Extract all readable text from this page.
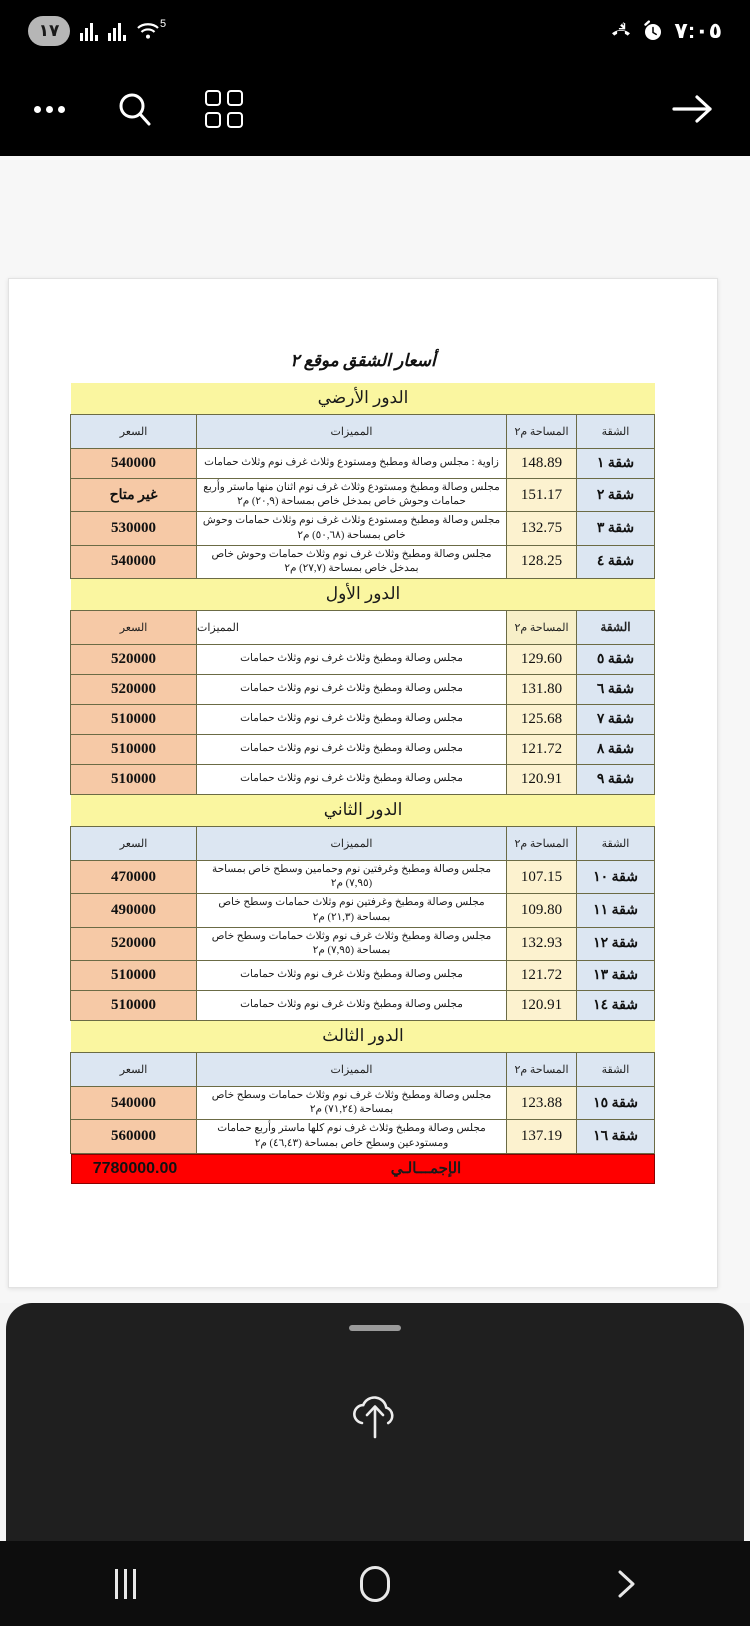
١٧	5	٧:٠٥
أسعار الشقق موقع ٢
الدور الأرضي
الشقة	المساحة م٢	المميزات	السعر
شقة ١	148.89	زاوية : مجلس وصالة ومطبخ ومستودع وثلاث غرف نوم وثلاث حمامات	540000
شقة ٢	151.17	مجلس وصالة ومطبخ ومستودع وثلاث غرف نوم اثنان منها ماستر وأربع حمامات وحوش خاص بمدخل خاص بمساحة (٢٠,٩) م٢	غير متاح
شقة ٣	132.75	مجلس وصالة ومطبخ ومستودع وثلاث غرف نوم وثلاث حمامات وحوش خاص بمساحة (٥٠,٦٨) م٢	530000
شقة ٤	128.25	مجلس وصالة ومطبخ وثلاث غرف نوم وثلاث حمامات وحوش خاص بمدخل خاص بمساحة (٢٧,٧) م٢	540000
الدور الأول
الشقة	المساحة م٢	المميزات	السعر
شقة ٥	129.60	مجلس وصالة ومطبخ وثلاث غرف نوم وثلاث حمامات	520000
شقة ٦	131.80	مجلس وصالة ومطبخ وثلاث غرف نوم وثلاث حمامات	520000
شقة ٧	125.68	مجلس وصالة ومطبخ وثلاث غرف نوم وثلاث حمامات	510000
شقة ٨	121.72	مجلس وصالة ومطبخ وثلاث غرف نوم وثلاث حمامات	510000
شقة ٩	120.91	مجلس وصالة ومطبخ وثلاث غرف نوم وثلاث حمامات	510000
الدور الثاني
الشقة	المساحة م٢	المميزات	السعر
شقة ١٠	107.15	مجلس وصالة ومطبخ وغرفتين نوم وحمامين وسطح خاص بمساحة (٧,٩٥) م٢	470000
شقة ١١	109.80	مجلس وصالة ومطبخ وغرفتين نوم وثلاث حمامات وسطح خاص بمساحة (٢١,٣) م٢	490000
شقة ١٢	132.93	مجلس وصالة ومطبخ وثلاث غرف نوم وثلاث حمامات وسطح خاص بمساحة (٧,٩٥) م٢	520000
شقة ١٣	121.72	مجلس وصالة ومطبخ وثلاث غرف نوم وثلاث حمامات	510000
شقة ١٤	120.91	مجلس وصالة ومطبخ وثلاث غرف نوم وثلاث حمامات	510000
الدور الثالث
الشقة	المساحة م٢	المميزات	السعر
شقة ١٥	123.88	مجلس وصالة ومطبخ وثلاث غرف نوم وثلاث حمامات وسطح خاص بمساحة (٧١,٢٤) م٢	540000
شقة ١٦	137.19	مجلس وصالة ومطبخ وثلاث غرف نوم كلها ماستر وأربع حمامات ومستودعين وسطح خاص بمساحة (٤٦,٤٣) م٢	560000
الإجمـــالـي
7780000.00
